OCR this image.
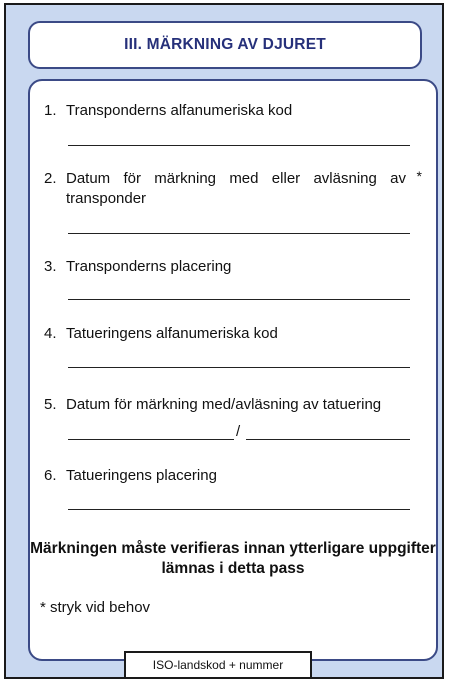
III. MÄRKNING AV DJURET
1. Transponderns alfanumeriska kod
2. Datum för märkning med eller avläsning av transponder
*
3. Transponderns placering
4. Tatueringens alfanumeriska kod
5. Datum för märkning med/avläsning av tatuering
/
6. Tatueringens placering
Märkningen måste verifieras innan ytterligare uppgifter lämnas i detta pass
* stryk vid behov
ISO-landskod + nummer
